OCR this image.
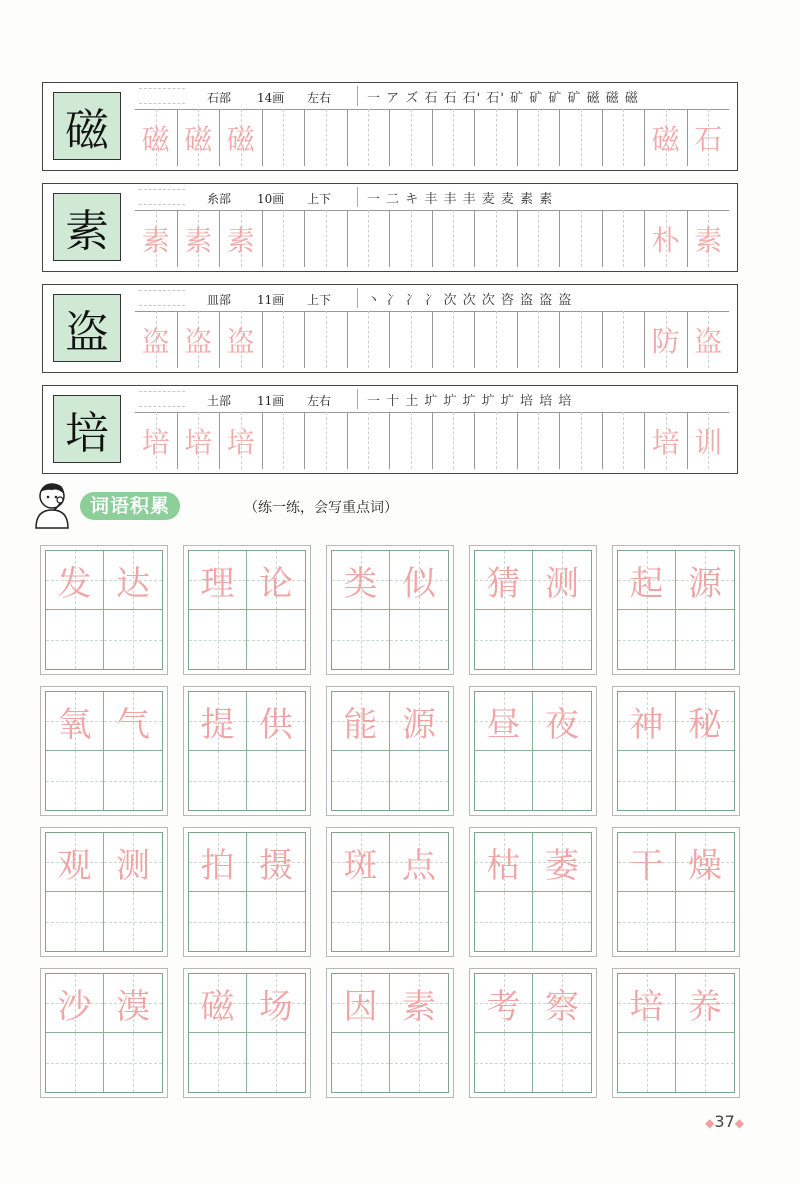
磁
石部 14画 左右	一 ア ズ 石 石 石' 石' 矿 矿 矿 矿 磁 磁 磁
磁 磁 磁	磁 石
素
糸部 10画 上下	一 二 キ 丰 丰 丰 麦 麦 素 素
素 素 素	朴 素
盗
皿部 11画 上下	丶 冫 冫 冫 次 次 次 咨 盗 盗 盗
盗 盗 盗	防 盗
培
土部 11画 左右	一 十 土 圹 圹 圹 圹 圹 培 培 培
培 培 培	培 训
词语积累	（练一练，会写重点词）
发 达 理 论 类 似 猜 测 起 源
氧 气 提 供 能 源 昼 夜 神 秘
观 测 拍 摄 斑 点 枯 萎 干 燥
沙 漠 磁 场 因 素 考 察 培 养
◆37◆
